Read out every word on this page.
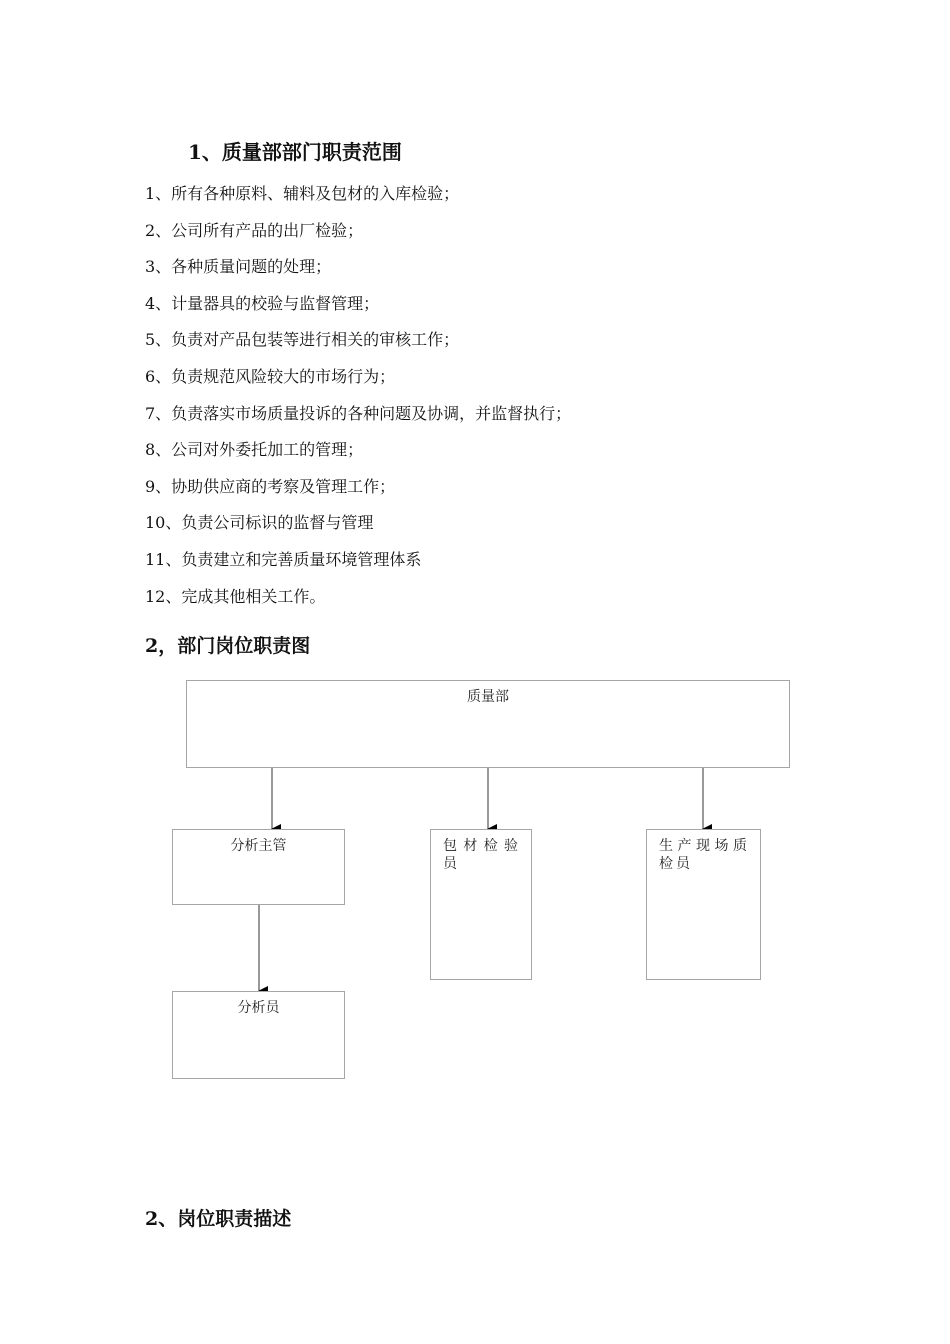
1、质量部部门职责范围
1、所有各种原料、辅料及包材的入库检验；
2、公司所有产品的出厂检验；
3、各种质量问题的处理；
4、计量器具的校验与监督管理；
5、负责对产品包装等进行相关的审核工作；
6、负责规范风险较大的市场行为；
7、负责落实市场质量投诉的各种问题及协调，并监督执行；
8、公司对外委托加工的管理；
9、协助供应商的考察及管理工作；
10、负责公司标识的监督与管理
11、负责建立和完善质量环境管理体系
12、完成其他相关工作。
2，部门岗位职责图
质量部
分析主管	包材检验员
生产现场质检员
分析员
2、岗位职责描述
